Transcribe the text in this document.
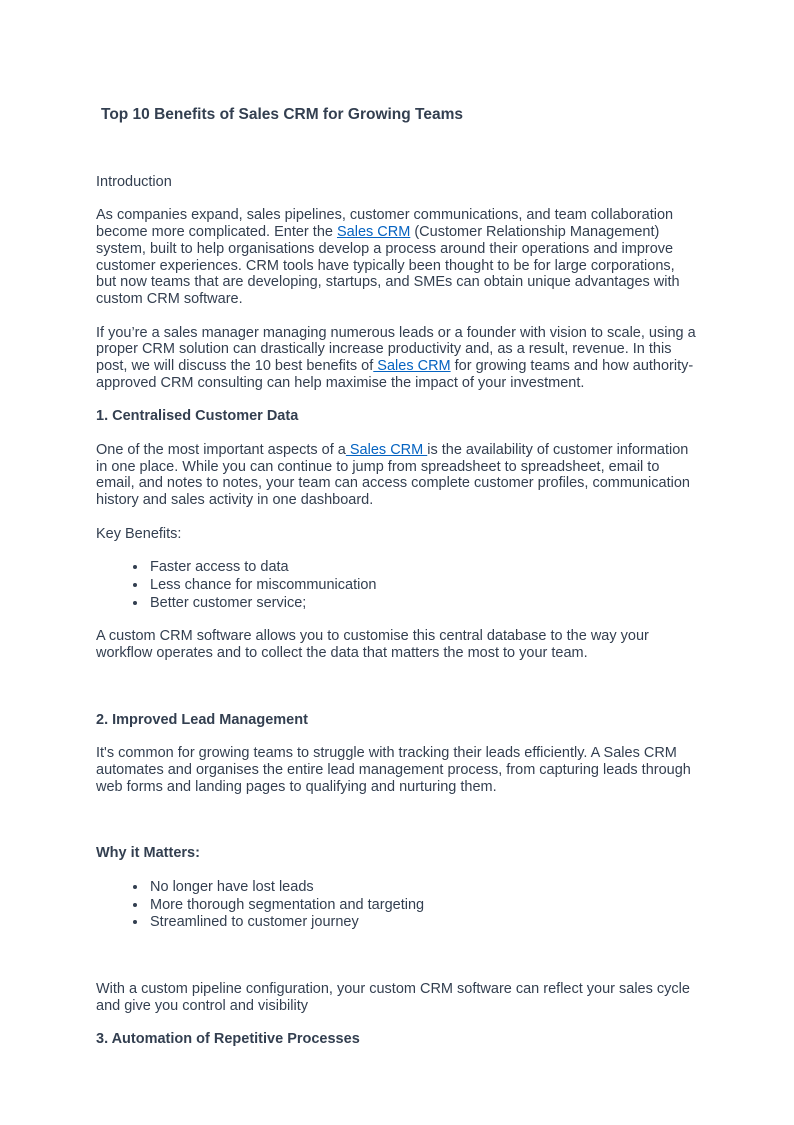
Top 10 Benefits of Sales CRM for Growing Teams

Introduction

As companies expand, sales pipelines, customer communications, and team collaboration become more complicated. Enter the Sales CRM (Customer Relationship Management) system, built to help organisations develop a process around their operations and improve customer experiences. CRM tools have typically been thought to be for large corporations, but now teams that are developing, startups, and SMEs can obtain unique advantages with custom CRM software.

If you’re a sales manager managing numerous leads or a founder with vision to scale, using a proper CRM solution can drastically increase productivity and, as a result, revenue. In this post, we will discuss the 10 best benefits of Sales CRM for growing teams and how authority-approved CRM consulting can help maximise the impact of your investment.

1. Centralised Customer Data

One of the most important aspects of a Sales CRM is the availability of customer information in one place. While you can continue to jump from spreadsheet to spreadsheet, email to email, and notes to notes, your team can access complete customer profiles, communication history and sales activity in one dashboard.

Key Benefits:

• Faster access to data
• Less chance for miscommunication
• Better customer service;

A custom CRM software allows you to customise this central database to the way your workflow operates and to collect the data that matters the most to your team.

2. Improved Lead Management

It's common for growing teams to struggle with tracking their leads efficiently. A Sales CRM automates and organises the entire lead management process, from capturing leads through web forms and landing pages to qualifying and nurturing them.

Why it Matters:
• No longer have lost leads
• More thorough segmentation and targeting
• Streamlined to customer journey

With a custom pipeline configuration, your custom CRM software can reflect your sales cycle and give you control and visibility

3. Automation of Repetitive Processes
